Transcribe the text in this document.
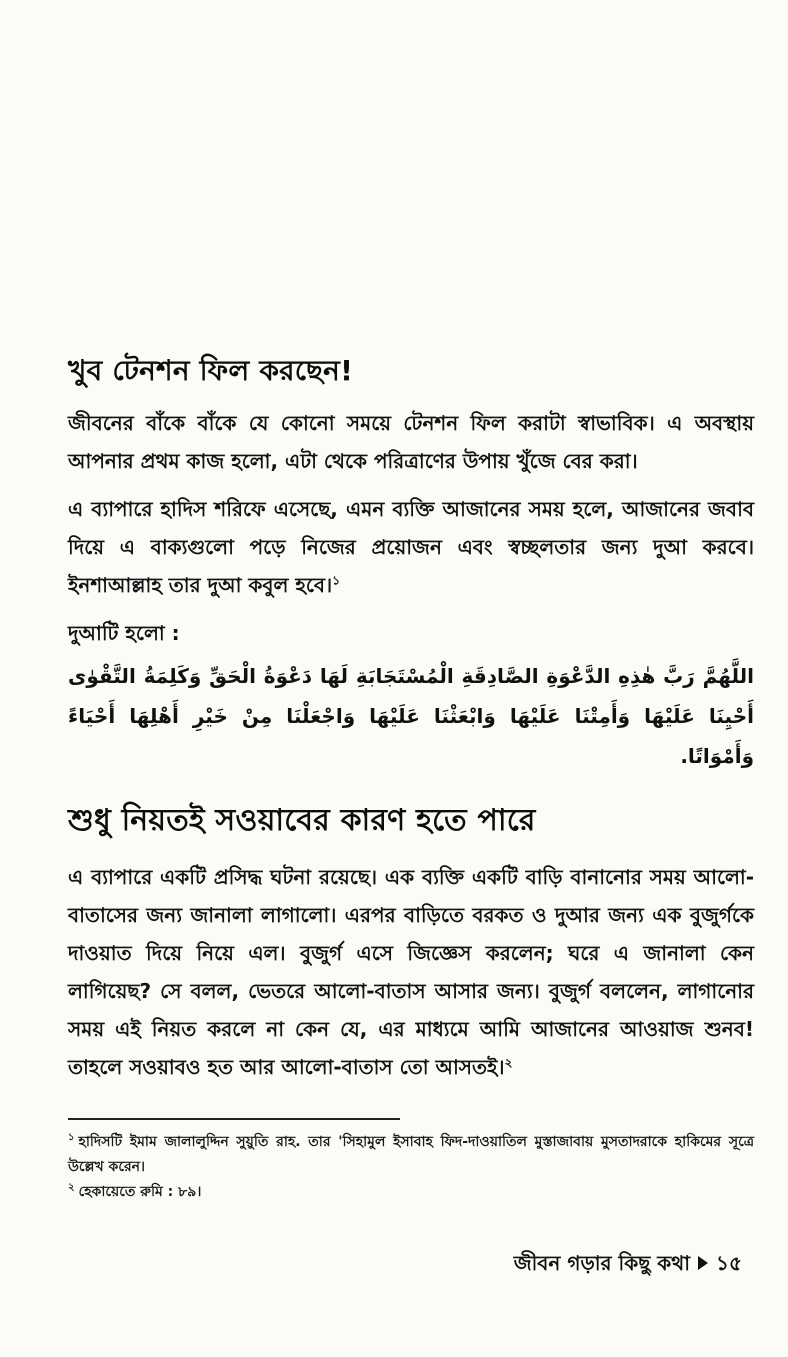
খুব টেনশন ফিল করছেন!

জীবনের বাঁকে বাঁকে যে কোনো সময়ে টেনশন ফিল করাটা স্বাভাবিক। এ অবস্থায় আপনার প্রথম কাজ হলো, এটা থেকে পরিত্রাণের উপায় খুঁজে বের করা।

এ ব্যাপারে হাদিস শরিফে এসেছে, এমন ব্যক্তি আজানের সময় হলে, আজানের জবাব দিয়ে এ বাক্যগুলো পড়ে নিজের প্রয়োজন এবং স্বচ্ছলতার জন্য দুআ করবে। ইনশাআল্লাহ তার দুআ কবুল হবে।$^১$

দুআটি হলো :

اللَّهُمَّ رَبَّ هٰذِهِ الدَّعْوَةِ الصَّادِقَةِ الْمُسْتَجَابَةِ لَهَا دَعْوَةُ الْحَقِّ وَكَلِمَةُ التَّقْوٰى أَحْيِنَا عَلَيْهَا وَأَمِتْنَا عَلَيْهَا وَابْعَثْنَا عَلَيْهَا وَاجْعَلْنَا مِنْ خَيْرِ أَهْلِهَا أَحْيَاءً وَأَمْوَاتًا.

শুধু নিয়তই সওয়াবের কারণ হতে পারে

এ ব্যাপারে একটি প্রসিদ্ধ ঘটনা রয়েছে। এক ব্যক্তি একটি বাড়ি বানানোর সময় আলো-বাতাসের জন্য জানালা লাগালো। এরপর বাড়িতে বরকত ও দুআর জন্য এক বুজুর্গকে দাওয়াত দিয়ে নিয়ে এল। বুজুর্গ এসে জিজ্ঞেস করলেন; ঘরে এ জানালা কেন লাগিয়েছ? সে বলল, ভেতরে আলো-বাতাস আসার জন্য। বুজুর্গ বললেন, লাগানোর সময় এই নিয়ত করলে না কেন যে, এর মাধ্যমে আমি আজানের আওয়াজ শুনব! তাহলে সওয়াবও হত আর আলো-বাতাস তো আসতই।$^২$

$^১$ হাদিসটি ইমাম জালালুদ্দিন সুয়ুতি রাহ. তার 'সিহামুল ইসাবাহ ফিদ-দাওয়াতিল মুস্তাজাবায় মুসতাদরাকে হাকিমের সূত্রে উল্লেখ করেন।

$^২$ হেকায়েতে রুমি : ৮৯।

জীবন গড়ার কিছু কথা ১৫
